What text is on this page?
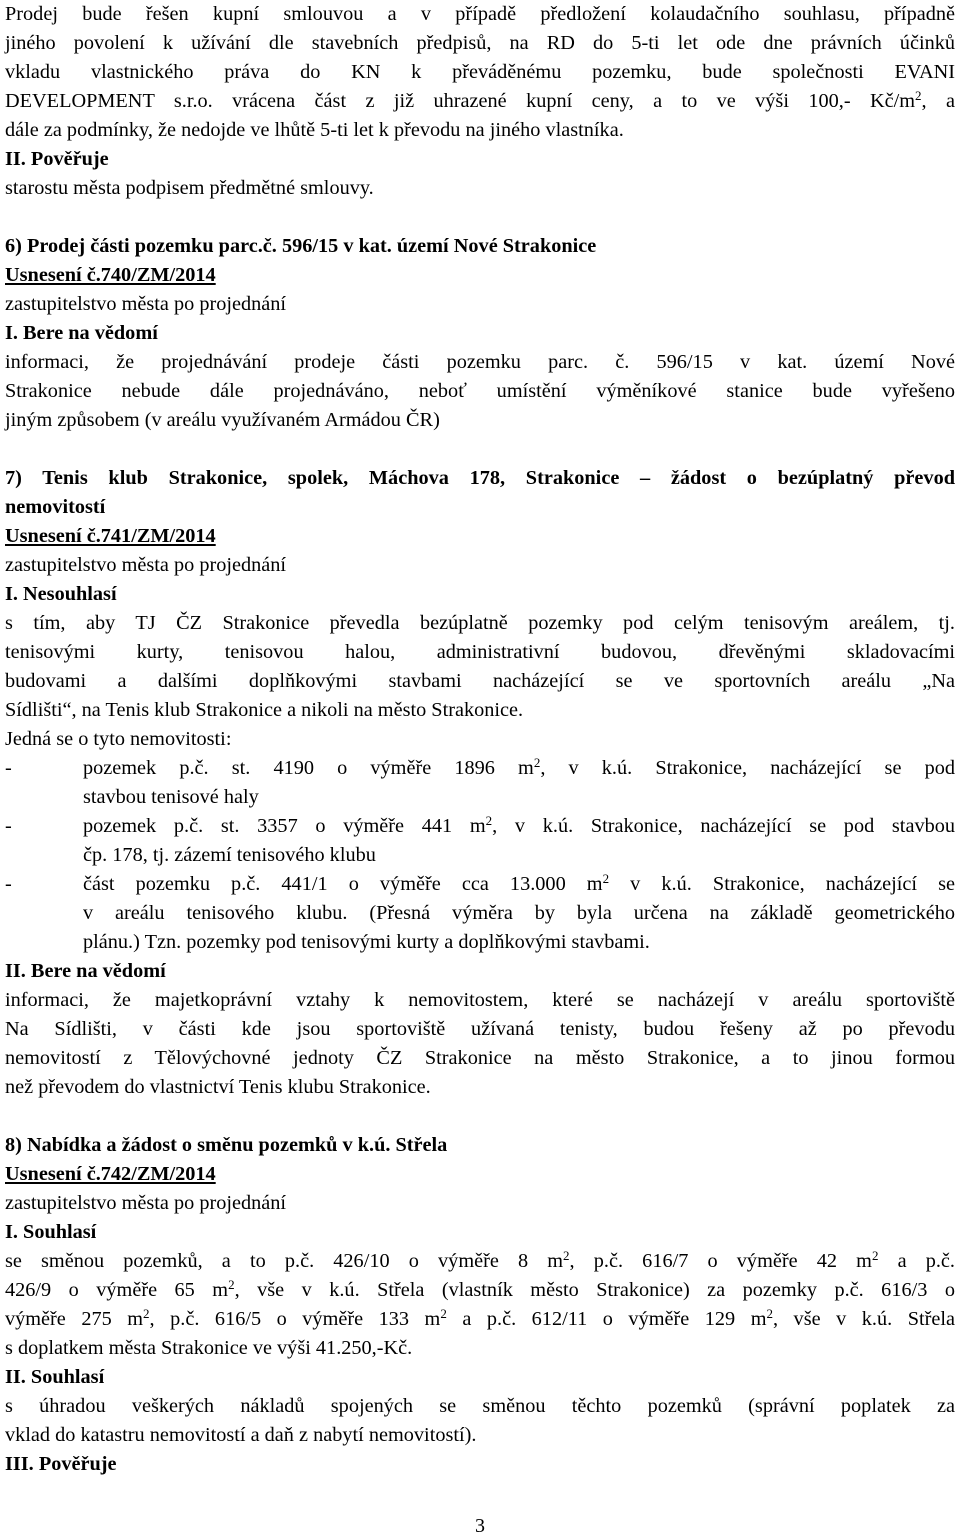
Prodej bude řešen kupní smlouvou a v případě předložení kolaudačního souhlasu, případně

jiného povolení k užívání dle stavebních předpisů, na RD do 5-ti let ode dne právních účinků

vkladu vlastnického práva do KN k převáděnému pozemku, bude společnosti EVANI

DEVELOPMENT s.r.o. vrácena část z již uhrazené kupní ceny, a to ve výši 100,- $Kč/m^2$, a

dále za podmínky, že nedojde ve lhůtě 5-ti let k převodu na jiného vlastníka.

II. Pověřuje

starostu města podpisem předmětné smlouvy.

6) Prodej části pozemku parc.č. 596/15 v kat. území Nové Strakonice

Usnesení č.740/ZM/2014

zastupitelstvo města po projednání

I. Bere na vědomí

informaci, že projednávání prodeje části pozemku parc. č. 596/15 v kat. území Nové

Strakonice nebude dále projednáváno, neboť umístění výměníkové stanice bude vyřešeno

jiným způsobem (v areálu využívaném Armádou ČR)

7) Tenis klub Strakonice, spolek, Máchova 178, Strakonice – žádost o bezúplatný převod

nemovitostí

Usnesení č.741/ZM/2014

zastupitelstvo města po projednání

I. Nesouhlasí

s tím, aby TJ ČZ Strakonice převedla bezúplatně pozemky pod celým tenisovým areálem, tj.

tenisovými kurty, tenisovou halou, administrativní budovou, dřevěnými skladovacími

budovami a dalšími doplňkovými stavbami nacházející se ve sportovních areálu „Na

Sídlišti“, na Tenis klub Strakonice a nikoli na město Strakonice.

Jedná se o tyto nemovitosti:

-	pozemek p.č. st. 4190 o výměře 1896 $m^2$, v k.ú. Strakonice, nacházející se pod

stavbou tenisové haly

-	pozemek p.č. st. 3357 o výměře 441 $m^2$, v k.ú. Strakonice, nacházející se pod stavbou

čp. 178, tj. zázemí tenisového klubu

-	část pozemku p.č. 441/1 o výměře cca 13.000 $m^2$ v k.ú. Strakonice, nacházející se

v areálu tenisového klubu. (Přesná výměra by byla určena na základě geometrického

plánu.) Tzn. pozemky pod tenisovými kurty a doplňkovými stavbami.

II. Bere na vědomí

informaci, že majetkoprávní vztahy k nemovitostem, které se nacházejí v areálu sportoviště

Na Sídlišti, v části kde jsou sportoviště užívaná tenisty, budou řešeny až po převodu

nemovitostí z Tělovýchovné jednoty ČZ Strakonice na město Strakonice, a to jinou formou

než převodem do vlastnictví Tenis klubu Strakonice.

8) Nabídka a žádost o směnu pozemků v k.ú. Střela

Usnesení č.742/ZM/2014

zastupitelstvo města po projednání

I. Souhlasí

se směnou pozemků, a to p.č. 426/10 o výměře 8 $m^2$, p.č. 616/7 o výměře 42 $m^2$ a p.č.

426/9 o výměře 65 $m^2$, vše v k.ú. Střela (vlastník město Strakonice) za pozemky p.č. 616/3 o

výměře 275 $m^2$, p.č. 616/5 o výměře 133 $m^2$ a p.č. 612/11 o výměře 129 $m^2$, vše v k.ú. Střela

s doplatkem města Strakonice ve výši 41.250,-Kč.

II. Souhlasí

s úhradou veškerých nákladů spojených se směnou těchto pozemků (správní poplatek za

vklad do katastru nemovitostí a daň z nabytí nemovitostí).

III. Pověřuje

3
